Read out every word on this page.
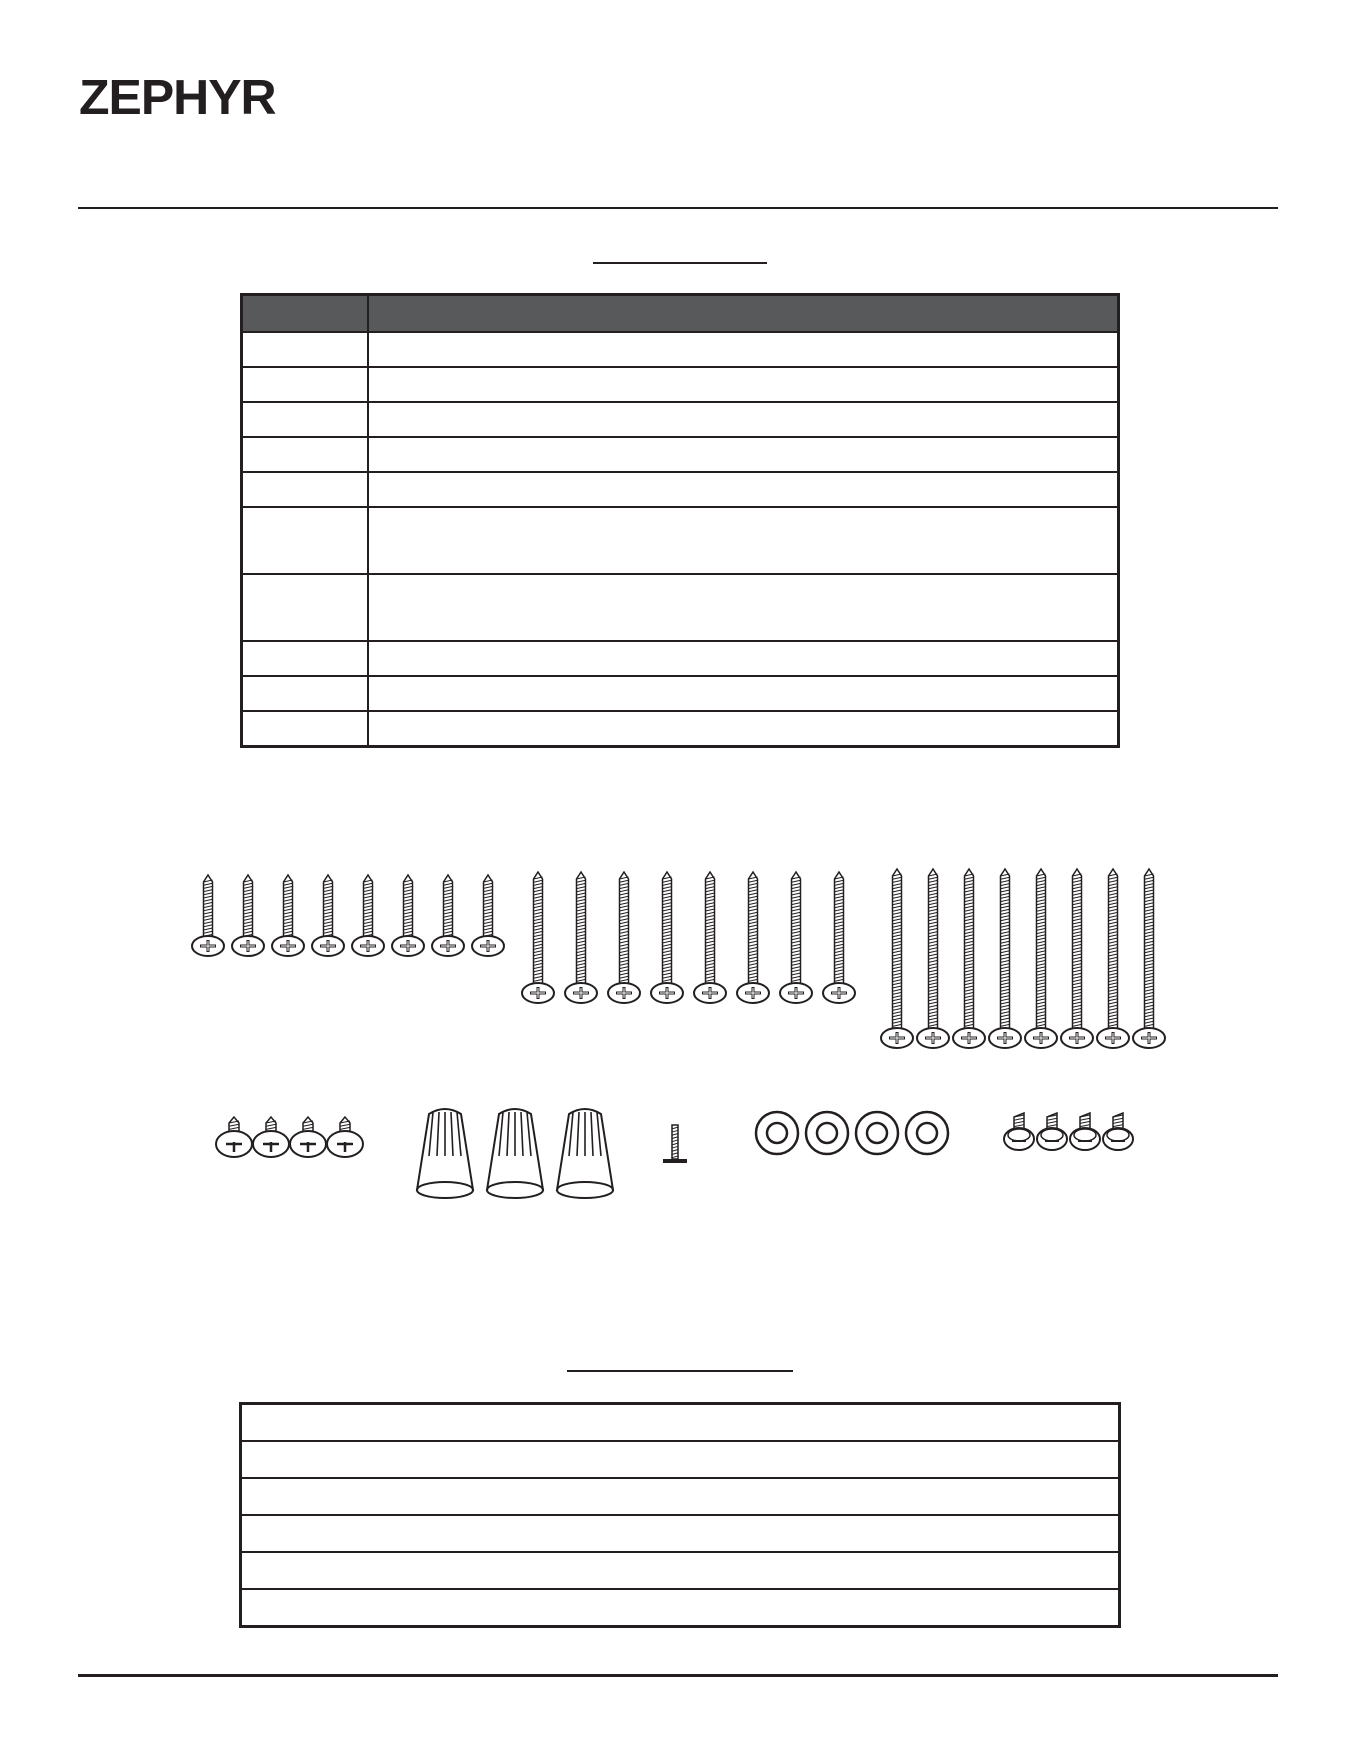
ZEPHYR
